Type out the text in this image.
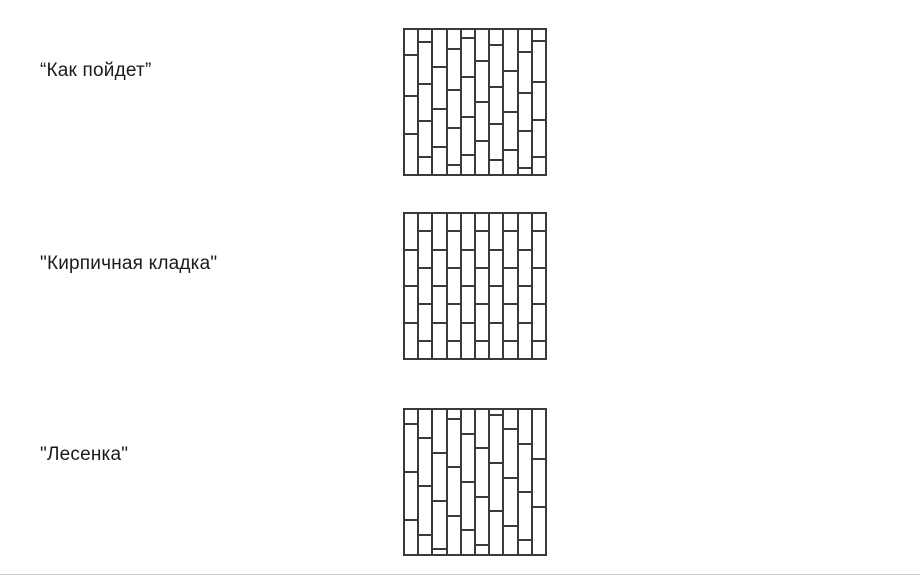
“Как пойдет”
"Кирпичная кладка"
"Лесенка"
